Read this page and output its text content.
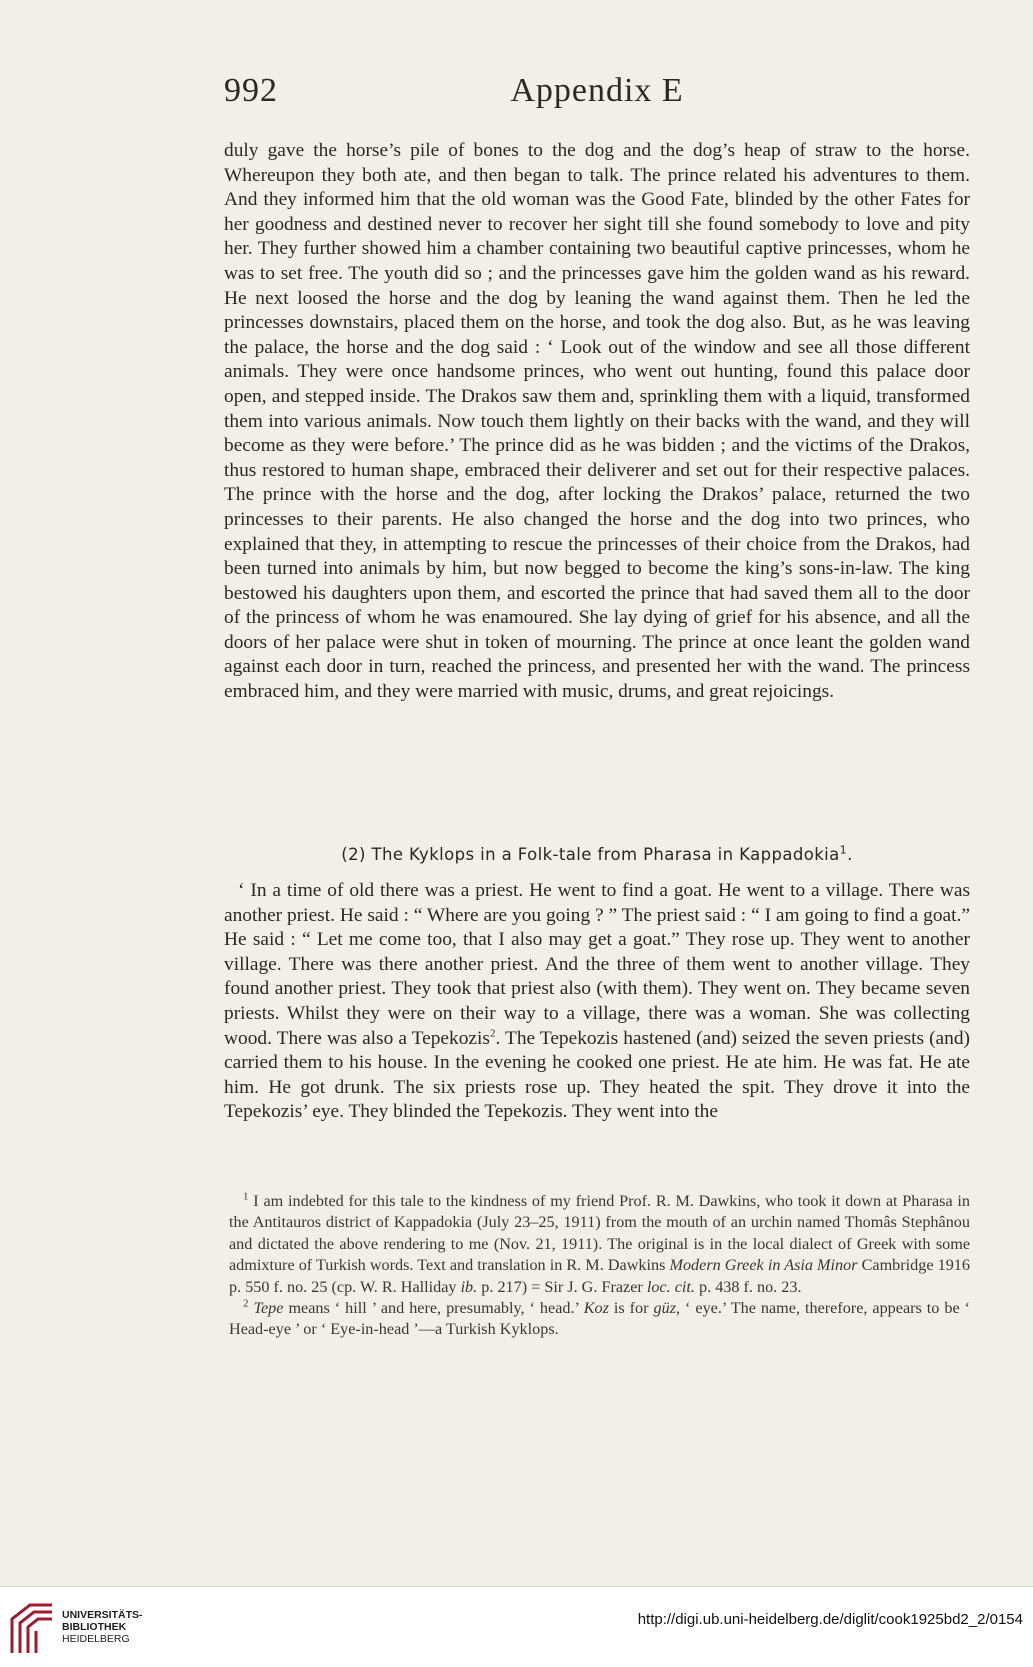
Appendix E
992

duly gave the horse’s pile of bones to the dog and the dog’s heap of straw to the horse. Whereupon they both ate, and then began to talk. The prince related his adventures to them. And they informed him that the old woman was the Good Fate, blinded by the other Fates for her goodness and destined never to recover her sight till she found somebody to love and pity her. They further showed him a chamber containing two beautiful captive princesses, whom he was to set free. The youth did so ; and the princesses gave him the golden wand as his reward. He next loosed the horse and the dog by leaning the wand against them. Then he led the princesses downstairs, placed them on the horse, and took the dog also. But, as he was leaving the palace, the horse and the dog said : ‘ Look out of the window and see all those different animals. They were once handsome princes, who went out hunting, found this palace door open, and stepped inside. The Drakos saw them and, sprinkling them with a liquid, transformed them into various animals. Now touch them lightly on their backs with the wand, and they will become as they were before.’ The prince did as he was bidden ; and the victims of the Drakos, thus restored to human shape, embraced their deliverer and set out for their respective palaces. The prince with the horse and the dog, after locking the Drakos’ palace, returned the two princesses to their parents. He also changed the horse and the dog into two princes, who explained that they, in attempting to rescue the princesses of their choice from the Drakos, had been turned into animals by him, but now begged to become the king’s sons-in-law. The king bestowed his daughters upon them, and escorted the prince that had saved them all to the door of the princess of whom he was enamoured. She lay dying of grief for his absence, and all the doors of her palace were shut in token of mourning. The prince at once leant the golden wand against each door in turn, reached the princess, and presented her with the wand. The princess embraced him, and they were married with music, drums, and great rejoicings.

(2) The Kyklops in a Folk-tale from Pharasa in Kappadokia$^1$.

‘ In a time of old there was a priest. He went to find a goat. He went to a village. There was another priest. He said : “ Where are you going ? ” The priest said : “ I am going to find a goat.” He said : “ Let me come too, that I also may get a goat.” They rose up. They went to another village. There was there another priest. And the three of them went to another village. They found another priest. They took that priest also (with them). They went on. They became seven priests. Whilst they were on their way to a village, there was a woman. She was collecting wood. There was also a Tepekozis$^2$. The Tepekozis hastened (and) seized the seven priests (and) carried them to his house. In the evening he cooked one priest. He ate him. He was fat. He ate him. He got drunk. The six priests rose up. They heated the spit. They drove it into the Tepekozis’ eye. They blinded the Tepekozis. They went into the

$^1$ I am indebted for this tale to the kindness of my friend Prof. R. M. Dawkins, who took it down at Pharasa in the Antitauros district of Kappadokia (July 23–25, 1911) from the mouth of an urchin named Thomâs Stephânou and dictated the above rendering to me (Nov. 21, 1911). The original is in the local dialect of Greek with some admixture of Turkish words. Text and translation in R. M. Dawkins Modern Greek in Asia Minor Cambridge 1916 p. 550 f. no. 25 (cp. W. R. Halliday ib. p. 217) = Sir J. G. Frazer loc. cit. p. 438 f. no. 23.

$^2$ Tepe means ‘ hill ’ and here, presumably, ‘ head.’ Koz is for güz, ‘ eye.’ The name, therefore, appears to be ‘ Head-eye ’ or ‘ Eye-in-head ’—a Turkish Kyklops.

UNIVERSITÄTS-
BIBLIOTHEK
HEIDELBERG
http://digi.ub.uni-heidelberg.de/diglit/cook1925bd2_2/0154
